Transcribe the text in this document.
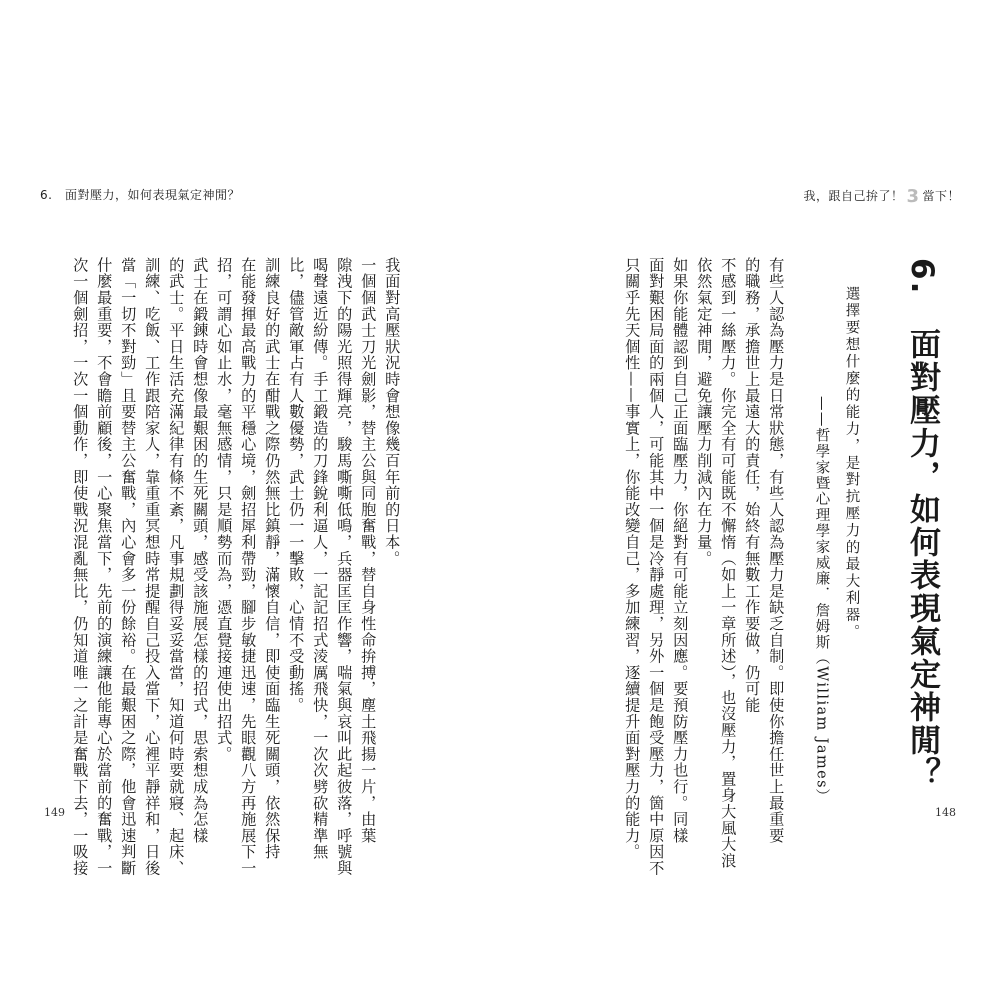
6.　面對壓力，如何表現氣定神閒？
我面對高壓狀況時會想像幾百年前的日本。
一個個武士刀光劍影，替主公與同胞奮戰，替自身性命拚搏，塵土飛揚一片，由葉
隙洩下的陽光照得輝亮，駿馬嘶嘶低鳴，兵器匡匡作響，喘氣與哀叫此起彼落，呼號與
喝聲遠近紛傳。手工鍛造的刀鋒銳利逼人，一記記招式淩厲飛快，一次次劈砍精準無
比，儘管敵軍占有人數優勢，武士仍一一擊敗，心情不受動搖。
訓練良好的武士在酣戰之際仍然無比鎮靜，滿懷自信，即使面臨生死關頭，依然保持
在能發揮最高戰力的平穩心境，劍招犀利帶勁，腳步敏捷迅速，先眼觀八方再施展下一
招，可謂心如止水，毫無感情，只是順勢而為，憑直覺接連使出招式。
武士在鍛鍊時會想像最艱困的生死關頭，感受該施展怎樣的招式，思索想成為怎樣
的武士。平日生活充滿紀律有條不紊，凡事規劃得妥妥當當，知道何時要就寢、起床、
訓練、吃飯、工作跟陪家人，靠重重冥想時常提醒自己投入當下，心裡平靜祥和，日後
當「一切不對勁」且要替主公奮戰，內心會多一份餘裕。在最艱困之際，他會迅速判斷
什麼最重要，不會瞻前顧後，一心聚焦當下，先前的演練讓他能專心於當前的奮戰，一
次一個劍招，一次一個動作，即使戰況混亂無比，仍知道唯一之計是奮戰下去，一吸接
149
我，跟自己拚了！ 3 當下！
6.　面對壓力，如何表現氣定神閒？
選擇要想什麼的能力，是對抗壓力的最大利器。
——哲學家暨心理學家威廉．詹姆斯（William James）
有些人認為壓力是日常狀態，有些人認為壓力是缺乏自制。即使你擔任世上最重要
的職務，承擔世上最遠大的責任，始終有無數工作要做，仍可能
不感到一絲壓力。你完全有可能既不懈惰（如上一章所述），也沒壓力，置身大風大浪
依然氣定神閒，避免讓壓力削減內在力量。
如果你能體認到自己正面臨壓力，你絕對有可能立刻因應。要預防壓力也行。同樣
面對艱困局面的兩個人，可能其中一個是冷靜處理，另外一個是飽受壓力，箇中原因不
只關乎先天個性——事實上，你能改變自己，多加練習，逐續提升面對壓力的能力。	148
